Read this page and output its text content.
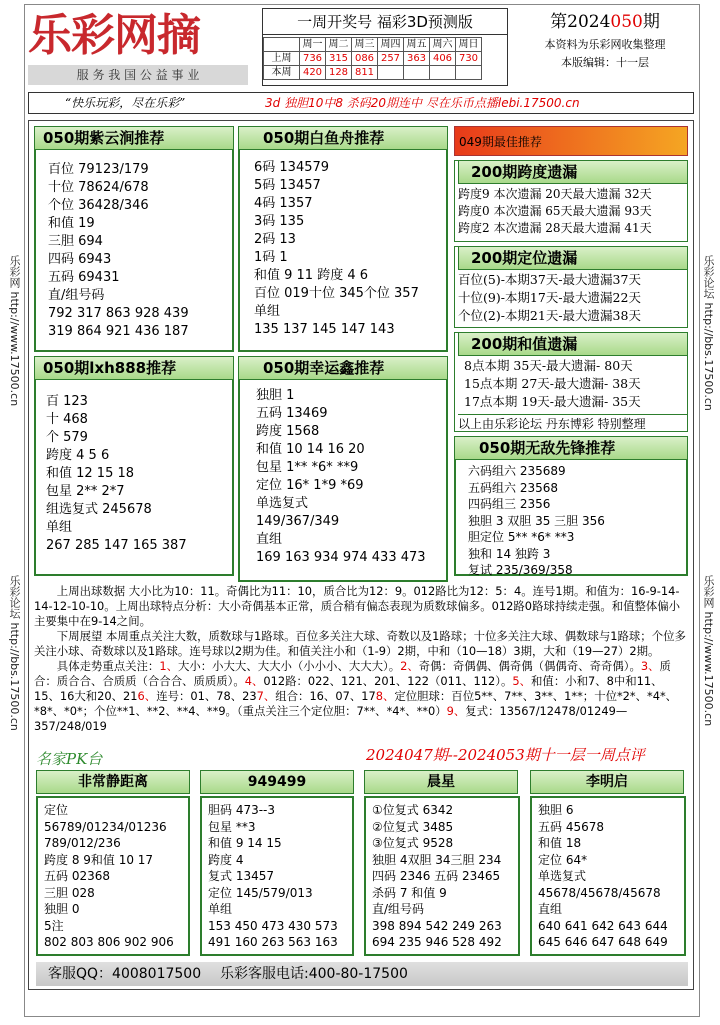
乐彩网摘
服 务 我 国 公 益 事 业
一周开奖号 福彩3D预测版
	周一	周二	周三	周四	周五	周六	周日
上周	736	315	086	257	363	406	730
本周	420	128	811				
第2024050期
本资料为乐彩网收集整理
本版编辑：十一层
“快乐玩彩，尽在乐彩”	3d 独胆10中8 杀码20期连中 尽在乐币点播lebi.17500.cn
乐彩网 http://www.17500.cn
乐彩论坛 http://bbs.17500.cn
乐彩论坛 http://bbs.17500.cn
乐彩网 http://www.17500.cn
050期紫云涧推荐
百位 79123/179
十位 78624/678
个位 36428/346
和值 19
三胆 694
四码 6943
五码 69431
直/组号码
792 317 863 928 439
319 864 921 436 187
050期白鱼舟推荐
6码 134579
5码 13457
4码 1357
3码 135
2码 13
1码 1
和值 9 11 跨度 4 6
百位 019十位 345个位 357
单组
135 137 145 147 143
050期lxh888推荐
百 123
十 468
个 579
跨度 4 5 6
和值 12 15 18
包星 2** 2*7
组选复式 245678
单组
267 285 147 165 387
050期幸运鑫推荐
独胆 1
五码 13469
跨度 1568
和值 10 14 16 20
包星 1** *6* **9
定位 16* 1*9 *69
单选复式
149/367/349
直组
169 163 934 974 433 473
049期最佳推荐
200期跨度遗漏
跨度9 本次遗漏 20天最大遗漏 32天
跨度0 本次遗漏 65天最大遗漏 93天
跨度2 本次遗漏 28天最大遗漏 41天
200期定位遗漏
百位(5)-本期37天-最大遗漏37天
十位(9)-本期17天-最大遗漏22天
个位(2)-本期21天-最大遗漏38天
200期和值遗漏
8点本期 35天-最大遗漏- 80天
15点本期 27天-最大遗漏- 38天
17点本期 19天-最大遗漏- 35天
以上由乐彩论坛 丹东博彩 特别整理
050期无敌先锋推荐
六码组六 235689
五码组六 23568
四码组三 2356
独胆 3 双胆 35 三胆 356
胆定位 5** *6* **3
独和 14 独跨 3
复试 235/369/358
上周出球数据 大小比为10：11。奇偶比为11：10，质合比为12：9。012路比为12：5：4。连号1期。和值为：16-9-14-14-12-10-10。上周出球特点分析：大小奇偶基本正常，质合稍有偏态表现为质数球偏多。012路0路球持续走强。和值整体偏小主要集中在9-14之间。
下周展望 本周重点关注大数，质数球与1路球。百位多关注大球、奇数以及1路球；十位多关注大球、偶数球与1路球；个位多关注小球、奇数球以及1路球。连号球以2期为佳。和值关注小和（1-9）2期，中和（10—18）3期，大和（19—27）2期。
具体走势重点关注：1、大小：小大大、大大小（小小小、大大大）。2、奇偶：奇偶偶、偶奇偶（偶偶奇、奇奇偶）。3、质合：质合合、合质质（合合合、质质质）。4、012路：022、121、201、122（011、112）。5、和值：小和7、8中和11、15、16大和20、216、连号：01、78、237、组合：16、07、178、定位胆球：百位5**、7**、3**、1**；十位*2*、*4*、*8*、*0*；个位**1、**2、**4、**9。（重点关注三个定位胆：7**、*4*、**0）9、复式：13567/12478/01249—357/248/019
名家PK台	2024047期--2024053期十一层一周点评
非常静距离	949499	晨星	李明启
定位
56789/01234/01236
789/012/236
跨度 8 9和值 10 17
五码 02368
三胆 028
独胆 0
5注
802 803 806 902 906
胆码 473--3
包星 **3
和值 9 14 15
跨度 4
复式 13457
定位 145/579/013
单组
153 450 473 430 573
491 160 263 563 163
①位复式 6342
②位复式 3485
③位复式 9528
独胆 4双胆 34三胆 234
四码 2346 五码 23465
杀码 7 和值 9
直/组号码
398 894 542 249 263
694 235 946 528 492
独胆 6
五码 45678
和值 18
定位 64*
单选复式
45678/45678/45678
直组
640 641 642 643 644
645 646 647 648 649
客服QQ：4008017500 乐彩客服电话:400-80-17500
